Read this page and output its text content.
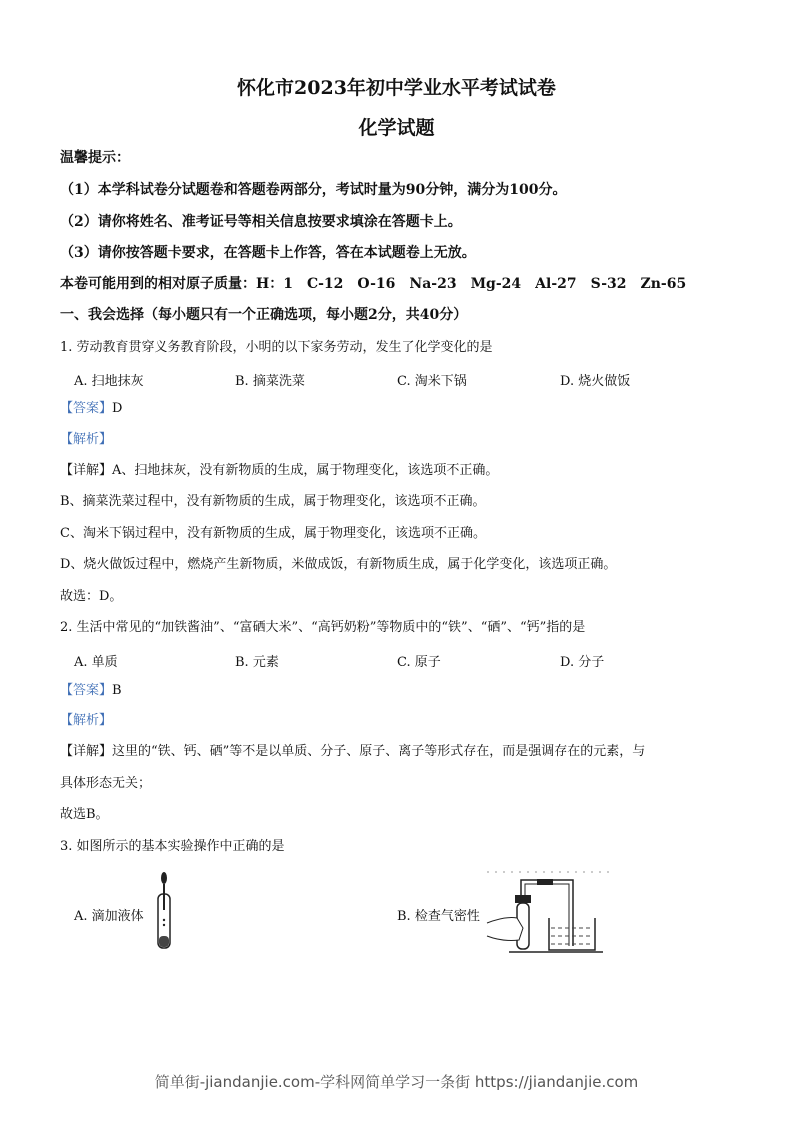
怀化市2023年初中学业水平考试试卷
化学试题
温馨提示：
（1）本学科试卷分试题卷和答题卷两部分，考试时量为90分钟，满分为100分。
（2）请你将姓名、准考证号等相关信息按要求填涂在答题卡上。
（3）请你按答题卡要求，在答题卡上作答，答在本试题卷上无放。
本卷可能用到的相对原子质量：H：1　C-12　O-16　Na-23　Mg-24　Al-27　S-32　Zn-65
一、我会选择（每小题只有一个正确选项，每小题2分，共40分）
1. 劳动教育贯穿义务教育阶段，小明的以下家务劳动，发生了化学变化的是
A. 扫地抹灰	B. 摘菜洗菜	C. 淘米下锅	D. 烧火做饭
【答案】D
【解析】
【详解】A、扫地抹灰，没有新物质的生成，属于物理变化，该选项不正确。
B、摘菜洗菜过程中，没有新物质的生成，属于物理变化，该选项不正确。
C、淘米下锅过程中，没有新物质的生成，属于物理变化，该选项不正确。
D、烧火做饭过程中，燃烧产生新物质，米做成饭，有新物质生成，属于化学变化，该选项正确。
故选：D。
2. 生活中常见的“加铁酱油”、“富硒大米”、“高钙奶粉”等物质中的“铁”、“硒”、“钙”指的是
A. 单质	B. 元素	C. 原子	D. 分子
【答案】B
【解析】
【详解】这里的“铁、钙、硒”等不是以单质、分子、原子、离子等形式存在，而是强调存在的元素，与
具体形态无关；
故选B。
3. 如图所示的基本实验操作中正确的是
A. 滴加液体	B. 检查气密性
简单街-jiandanjie.com-学科网简单学习一条街 https://jiandanjie.com
